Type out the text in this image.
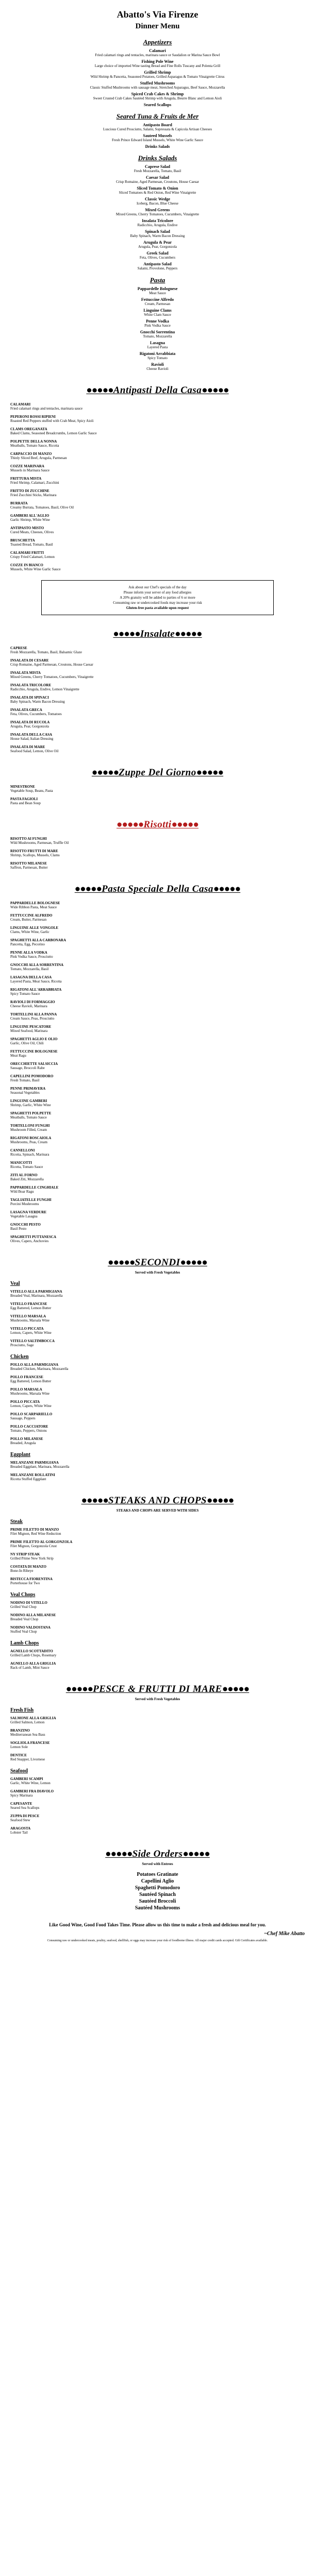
Abatto's Via Firenze
Dinner Menu
Appetizers
Calamari
Fried calamari rings and tentacles, marinara sauce or Saudalion or Marina Sauce Bowl
Fishing Pole Wine
Large choice of imported Wine tasting Bread and Fine Rolls Tuscany and Polenta Grill
Grilled Shrimp
Wild Shrimp & Pancetta, Seasoned Potatoes, Grilled Asparagus & Tomato Vinaigrette Citrus
Stuffed Mushrooms
Classic Stuffed Mushrooms with sausage meat, Stretched Asparagus, Beef Sauce, Mozzarella
Spiced Crab Cakes & Shrimp
Sweet Crusted Crab Cakes Sautéed Shrimp with Arugula, Beurre Blanc and Lemon Aioli
Seared Scallops
Seared Tuna & Fruits de Mer
Antipasto Board
Luscious Cured Prosciutto, Salami, Sopressata & Capicola Artisan Cheeses
Sauteed Mussels
Fresh Prince Edward Island Mussels, White Wine Garlic Sauce
Drinks Salads
Drinks Salads
Caprese Salad
Fresh Mozzarella, Tomato, Basil
Caesar Salad
Crisp Romaine, Aged Parmesan, Croutons, House Caesar
Sliced Tomato & Onion
Sliced Tomatoes & Red Onion, Red Wine Vinaigrette
Classic Wedge
Iceberg, Bacon, Blue Cheese
Mixed Greens
Mixed Greens, Cherry Tomatoes, Cucumbers, Vinaigrette
Insalata Tricolore
Radicchio, Arugula, Endive
Spinach Salad
Baby Spinach, Warm Bacon Dressing
Arugula & Pear
Arugula, Pear, Gorgonzola
Greek Salad
Feta, Olives, Cucumbers
Antipasto Salad
Salami, Provolone, Peppers
Pasta
Pappardelle Bolognese
Meat Sauce
Fettuccine Alfredo
Cream, Parmesan
Linguine Clams
White Clam Sauce
Penne Vodka
Pink Vodka Sauce
Gnocchi Sorrentina
Tomato, Mozzarella
Lasagna
Layered Pasta
Rigatoni Arrabbiata
Spicy Tomato
Ravioli
Cheese Ravioli
●●●●●Antipasti Della Casa●●●●●
CALAMARI
Fried calamari rings and tentacles, marinara sauce
PEPERONI ROSSI RIPIENI
Roasted Red Peppers stuffed with Crab Meat, Spicy Aioli
CLAMS OREGANATA
Baked Clams, Seasoned Breadcrumbs, Lemon Garlic Sauce
POLPETTE DELLA NONNA
Meatballs, Tomato Sauce, Ricotta
CARPACCIO DI MANZO
Thinly Sliced Beef, Arugula, Parmesan
COZZE MARINARA
Mussels in Marinara Sauce
FRITTURA MISTA
Fried Shrimp, Calamari, Zucchini
FRITTO DI ZUCCHINE
Fried Zucchini Sticks, Marinara
BURRATA
Creamy Burrata, Tomatoes, Basil, Olive Oil
GAMBERI ALL'AGLIO
Garlic Shrimp, White Wine
ANTIPASTO MISTO
Cured Meats, Cheeses, Olives
BRUSCHETTA
Toasted Bread, Tomato, Basil
CALAMARI FRITTI
Crispy Fried Calamari, Lemon
COZZE IN BIANCO
Mussels, White Wine Garlic Sauce
Ask about our Chef's specials of the day
Please inform your server of any food allergies
A 20% gratuity will be added to parties of 6 or more
Consuming raw or undercooked foods may increase your risk
Gluten-free pasta available upon request
●●●●●Insalate●●●●●
CAPRESE
Fresh Mozzarella, Tomato, Basil, Balsamic Glaze
INSALATA DI CESARE
Crisp Romaine, Aged Parmesan, Croutons, House Caesar
INSALATA MISTA
Mixed Greens, Cherry Tomatoes, Cucumbers, Vinaigrette
INSALATA TRICOLORE
Radicchio, Arugula, Endive, Lemon Vinaigrette
INSALATA DI SPINACI
Baby Spinach, Warm Bacon Dressing
INSALATA GRECA
Feta, Olives, Cucumbers, Tomatoes
INSALATA DI RUCOLA
Arugula, Pear, Gorgonzola
INSALATA DELLA CASA
House Salad, Italian Dressing
INSALATA DI MARE
Seafood Salad, Lemon, Olive Oil
●●●●●Zuppe Del Giorno●●●●●
MINESTRONE
Vegetable Soup, Beans, Pasta
PASTA FAGIOLI
Pasta and Bean Soup
●●●●●Risotti●●●●●
RISOTTO AI FUNGHI
Wild Mushrooms, Parmesan, Truffle Oil
RISOTTO FRUTTI DI MARE
Shrimp, Scallops, Mussels, Clams
RISOTTO MILANESE
Saffron, Parmesan, Butter
●●●●●Pasta Speciale Della Casa●●●●●
PAPPARDELLE BOLOGNESE
Wide Ribbon Pasta, Meat Sauce
FETTUCCINE ALFREDO
Cream, Butter, Parmesan
LINGUINE ALLE VONGOLE
Clams, White Wine, Garlic
SPAGHETTI ALLA CARBONARA
Pancetta, Egg, Pecorino
PENNE ALLA VODKA
Pink Vodka Sauce, Prosciutto
GNOCCHI ALLA SORRENTINA
Tomato, Mozzarella, Basil
LASAGNA DELLA CASA
Layered Pasta, Meat Sauce, Ricotta
RIGATONI ALL'ARRABBIATA
Spicy Tomato Sauce
RAVIOLI DI FORMAGGIO
Cheese Ravioli, Marinara
TORTELLINI ALLA PANNA
Cream Sauce, Peas, Prosciutto
LINGUINE PESCATORE
Mixed Seafood, Marinara
SPAGHETTI AGLIO E OLIO
Garlic, Olive Oil, Chili
FETTUCCINE BOLOGNESE
Meat Ragu
ORECCHIETTE SALSICCIA
Sausage, Broccoli Rabe
CAPELLINI POMODORO
Fresh Tomato, Basil
PENNE PRIMAVERA
Seasonal Vegetables
LINGUINE GAMBERI
Shrimp, Garlic, White Wine
SPAGHETTI POLPETTE
Meatballs, Tomato Sauce
TORTELLONI FUNGHI
Mushroom Filled, Cream
RIGATONI BOSCAIOLA
Mushrooms, Peas, Cream
CANNELLONI
Ricotta, Spinach, Marinara
MANICOTTI
Ricotta, Tomato Sauce
ZITI AL FORNO
Baked Ziti, Mozzarella
PAPPARDELLE CINGHIALE
Wild Boar Ragu
TAGLIATELLE FUNGHI
Porcini Mushrooms
LASAGNA VERDURE
Vegetable Lasagna
GNOCCHI PESTO
Basil Pesto
SPAGHETTI PUTTANESCA
Olives, Capers, Anchovies
●●●●●SECONDI●●●●●
Served with Fresh Vegetables
Veal
VITELLO ALLA PARMIGIANA
Breaded Veal, Marinara, Mozzarella
VITELLO FRANCESE
Egg Battered, Lemon Butter
VITELLO MARSALA
Mushrooms, Marsala Wine
VITELLO PICCATA
Lemon, Capers, White Wine
VITELLO SALTIMBOCCA
Prosciutto, Sage
Chicken
POLLO ALLA PARMIGIANA
Breaded Chicken, Marinara, Mozzarella
POLLO FRANCESE
Egg Battered, Lemon Butter
POLLO MARSALA
Mushrooms, Marsala Wine
POLLO PICCATA
Lemon, Capers, White Wine
POLLO SCARPARIELLO
Sausage, Peppers
POLLO CACCIATORE
Tomato, Peppers, Onions
POLLO MILANESE
Breaded, Arugula
Eggplant
MELANZANE PARMIGIANA
Breaded Eggplant, Marinara, Mozzarella
MELANZANE ROLLATINI
Ricotta Stuffed Eggplant
●●●●●STEAKS AND CHOPS●●●●●
STEAKS AND CHOPS ARE SERVED WITH SIDES
Steak
PRIME FILETTO DI MANZO
Filet Mignon, Red Wine Reduction
PRIME FILETTO AL GORGONZOLA
Filet Mignon, Gorgonzola Crust
NY STRIP STEAK
Grilled Prime New York Strip
COSTATA DI MANZO
Bone-In Ribeye
BISTECCA FIORENTINA
Porterhouse for Two
Veal Chops
NODINO DI VITELLO
Grilled Veal Chop
NODINO ALLA MILANESE
Breaded Veal Chop
NODINO VALDOSTANA
Stuffed Veal Chop
Lamb Chops
AGNELLO SCOTTADITO
Grilled Lamb Chops, Rosemary
AGNELLO ALLA GRIGLIA
Rack of Lamb, Mint Sauce
●●●●●PESCE & FRUTTI DI MARE●●●●●
Served with Fresh Vegetables
Fresh Fish
SALMONE ALLA GRIGLIA
Grilled Salmon, Lemon
BRANZINO
Mediterranean Sea Bass
SOGLIOLA FRANCESE
Lemon Sole
DENTICE
Red Snapper, Livornese
Seafood
GAMBERI SCAMPI
Garlic, White Wine, Lemon
GAMBERI FRA DIAVOLO
Spicy Marinara
CAPESANTE
Seared Sea Scallops
ZUPPA DI PESCE
Seafood Stew
ARAGOSTA
Lobster Tail
●●●●●Side Orders●●●●●
Served with Entrees
Potatoes Gratinate
Capellini Aglio
Spaghetti Pomodoro
Sautéed Spinach
Sautéed Broccoli
Sautéed Mushrooms
Like Good Wine, Good Food Takes Time. Please allow us this time to make a fresh and delicious meal for you.
~Chef Mike Abatto
Consuming raw or undercooked meats, poultry, seafood, shellfish, or eggs may increase your risk of foodborne illness. All major credit cards accepted. Gift Certificates available.
